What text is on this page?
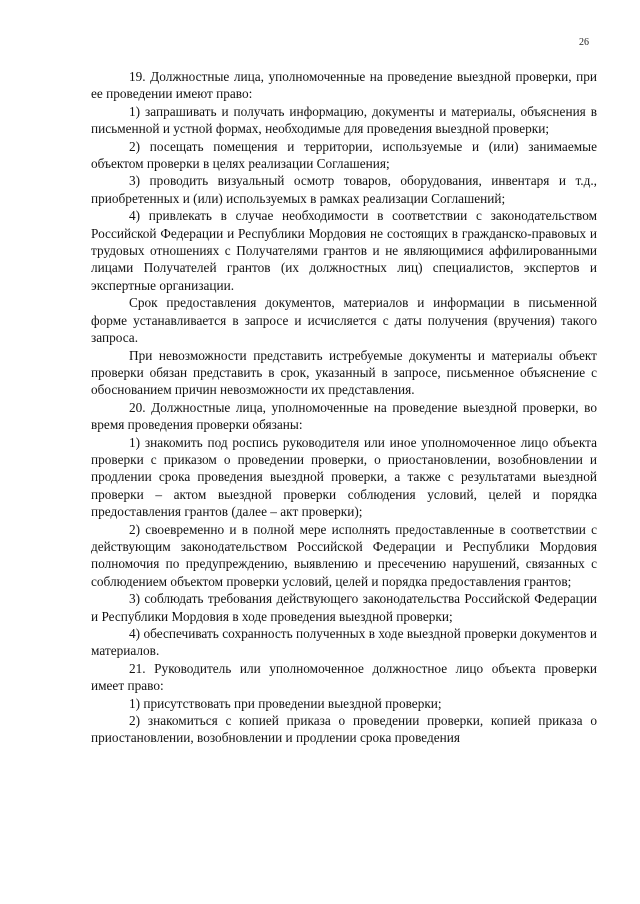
26

19. Должностные лица, уполномоченные на проведение выездной проверки, при ее проведении имеют право:

1) запрашивать и получать информацию, документы и материалы, объяснения в письменной и устной формах, необходимые для проведения выездной проверки;

2) посещать помещения и территории, используемые и (или) занимаемые объектом проверки в целях реализации Соглашения;

3) проводить визуальный осмотр товаров, оборудования, инвентаря и т.д., приобретенных и (или) используемых в рамках реализации Соглашений;

4) привлекать в случае необходимости в соответствии с законодательством Российской Федерации и Республики Мордовия не состоящих в гражданско-правовых и трудовых отношениях с Получателями грантов и не являющимися аффилированными лицами Получателей грантов (их должностных лиц) специалистов, экспертов и экспертные организации.

Срок предоставления документов, материалов и информации в письменной форме устанавливается в запросе и исчисляется с даты получения (вручения) такого запроса.

При невозможности представить истребуемые документы и материалы объект проверки обязан представить в срок, указанный в запросе, письменное объяснение с обоснованием причин невозможности их представления.

20. Должностные лица, уполномоченные на проведение выездной проверки, во время проведения проверки обязаны:

1) знакомить под роспись руководителя или иное уполномоченное лицо объекта проверки с приказом о проведении проверки, о приостановлении, возобновлении и продлении срока проведения выездной проверки, а также с результатами выездной проверки – актом выездной проверки соблюдения условий, целей и порядка предоставления грантов (далее – акт проверки);

2) своевременно и в полной мере исполнять предоставленные в соответствии с действующим законодательством Российской Федерации и Республики Мордовия полномочия по предупреждению, выявлению и пресечению нарушений, связанных с соблюдением объектом проверки условий, целей и порядка предоставления грантов;

3) соблюдать требования действующего законодательства Российской Федерации и Республики Мордовия в ходе проведения выездной проверки;

4) обеспечивать сохранность полученных в ходе выездной проверки документов и материалов.

21. Руководитель или уполномоченное должностное лицо объекта проверки имеет право:

1) присутствовать при проведении выездной проверки;

2) знакомиться с копией приказа о проведении проверки, копией приказа о приостановлении, возобновлении и продлении срока проведения
